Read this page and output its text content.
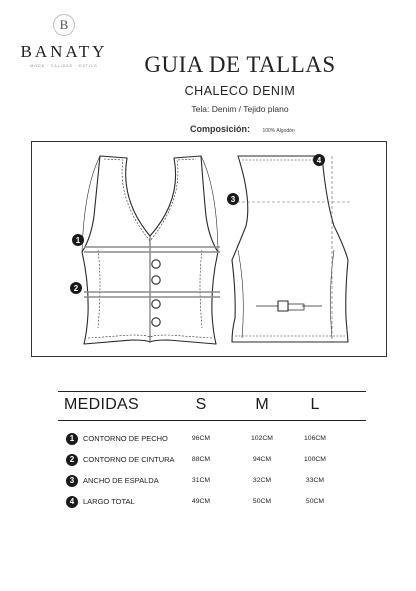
B
BANATY
MODA · CALIDAD · ESTILO	GUIA DE TALLAS
CHALECO DENIM
Tela: Denim / Tejido plano
Composición: 100% Algodón
1
2
3
4
MEDIDAS	S	M	L
1	CONTORNO DE PECHO	96CM	102CM	106CM
2	CONTORNO DE CINTURA	88CM	94CM	100CM
3	ANCHO DE ESPALDA	31CM	32CM	33CM
4	LARGO TOTAL	49CM	50CM	50CM
